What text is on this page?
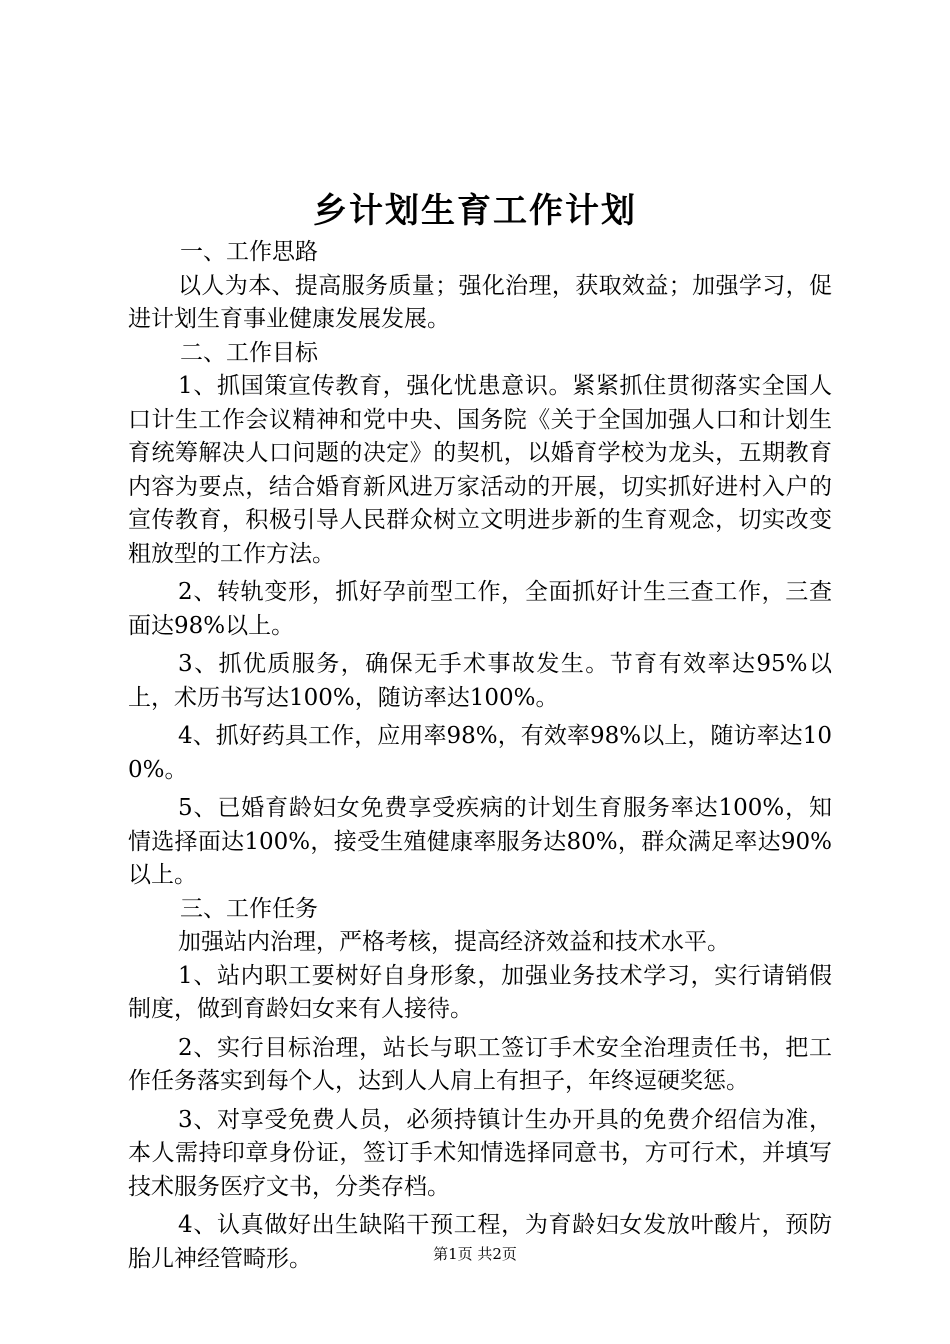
乡计划生育工作计划

一、工作思路

以人为本、提高服务质量；强化治理，获取效益；加强学习，促进计划生育事业健康发展发展。

二、工作目标

1、抓国策宣传教育，强化忧患意识。紧紧抓住贯彻落实全国人口计生工作会议精神和党中央、国务院《关于全国加强人口和计划生育统筹解决人口问题的决定》的契机，以婚育学校为龙头，五期教育内容为要点，结合婚育新风进万家活动的开展，切实抓好进村入户的宣传教育，积极引导人民群众树立文明进步新的生育观念，切实改变粗放型的工作方法。

2、转轨变形，抓好孕前型工作，全面抓好计生三查工作，三查面达98%以上。

3、抓优质服务，确保无手术事故发生。节育有效率达95%以上，术历书写达100%，随访率达100%。

4、抓好药具工作，应用率98%，有效率98%以上，随访率达100%。

5、已婚育龄妇女免费享受疾病的计划生育服务率达100%，知情选择面达100%，接受生殖健康率服务达80%，群众满足率达90%以上。

三、工作任务

加强站内治理，严格考核，提高经济效益和技术水平。

1、站内职工要树好自身形象，加强业务技术学习，实行请销假制度，做到育龄妇女来有人接待。

2、实行目标治理，站长与职工签订手术安全治理责任书，把工作任务落实到每个人，达到人人肩上有担子，年终逗硬奖惩。

3、对享受免费人员，必须持镇计生办开具的免费介绍信为准，本人需持印章身份证，签订手术知情选择同意书，方可行术，并填写技术服务医疗文书，分类存档。

4、认真做好出生缺陷干预工程，为育龄妇女发放叶酸片，预防胎儿神经管畸形。	第1页 共2页
